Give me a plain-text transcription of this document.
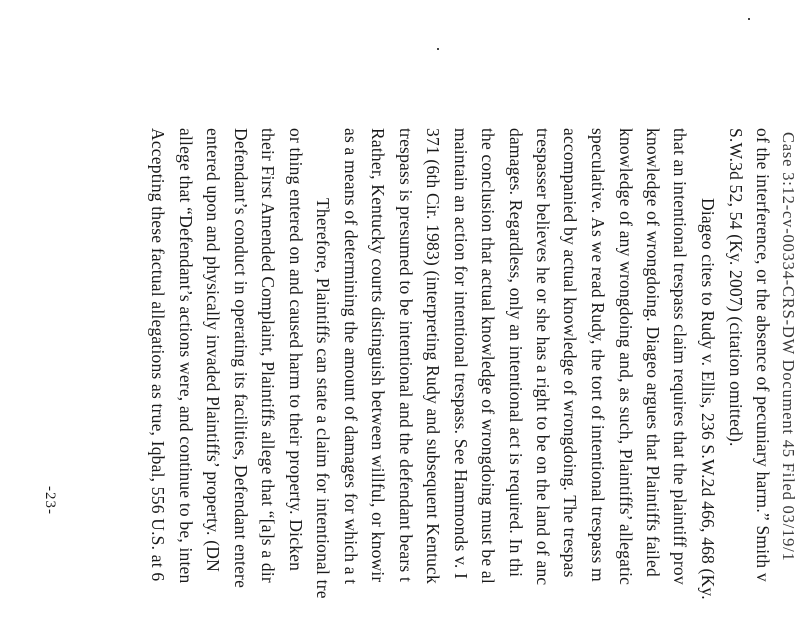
Case 3:12-cv-00334-CRS-DW Document 45 Filed 03/19/1
of the interference, or the absence of pecuniary harm.” Smith v
S.W.3d 52, 54 (Ky. 2007) (citation omitted).
Diageo cites to Rudy v. Ellis, 236 S.W.2d 466, 468 (Ky.
that an intentional trespass claim requires that the plaintiff prov
knowledge of wrongdoing. Diageo argues that Plaintiffs failed
knowledge of any wrongdoing and, as such, Plaintiffs’ allegatic
speculative. As we read Rudy, the tort of intentional trespass m
accompanied by actual knowledge of wrongdoing. The trespas
trespasser believes he or she has a right to be on the land of anc
damages. Regardless, only an intentional act is required. In thi
the conclusion that actual knowledge of wrongdoing must be al
maintain an action for intentional trespass. See Hammonds v. I
371 (6th Cir. 1983) (interpreting Rudy and subsequent Kentuck
trespass is presumed to be intentional and the defendant bears t
Rather, Kentucky courts distinguish between willful, or knowir
as a means of determining the amount of damages for which a t
Therefore, Plaintiffs can state a claim for intentional tre
or thing entered on and caused harm to their property. Dicken
their First Amended Complaint, Plaintiffs allege that “[a]s a dir
Defendant’s conduct in operating its facilities, Defendant entere
entered upon and physically invaded Plaintiffs’ property. (DN
allege that “Defendant’s actions were, and continue to be, inten
Accepting these factual allegations as true, Iqbal, 556 U.S. at 6
-23-
